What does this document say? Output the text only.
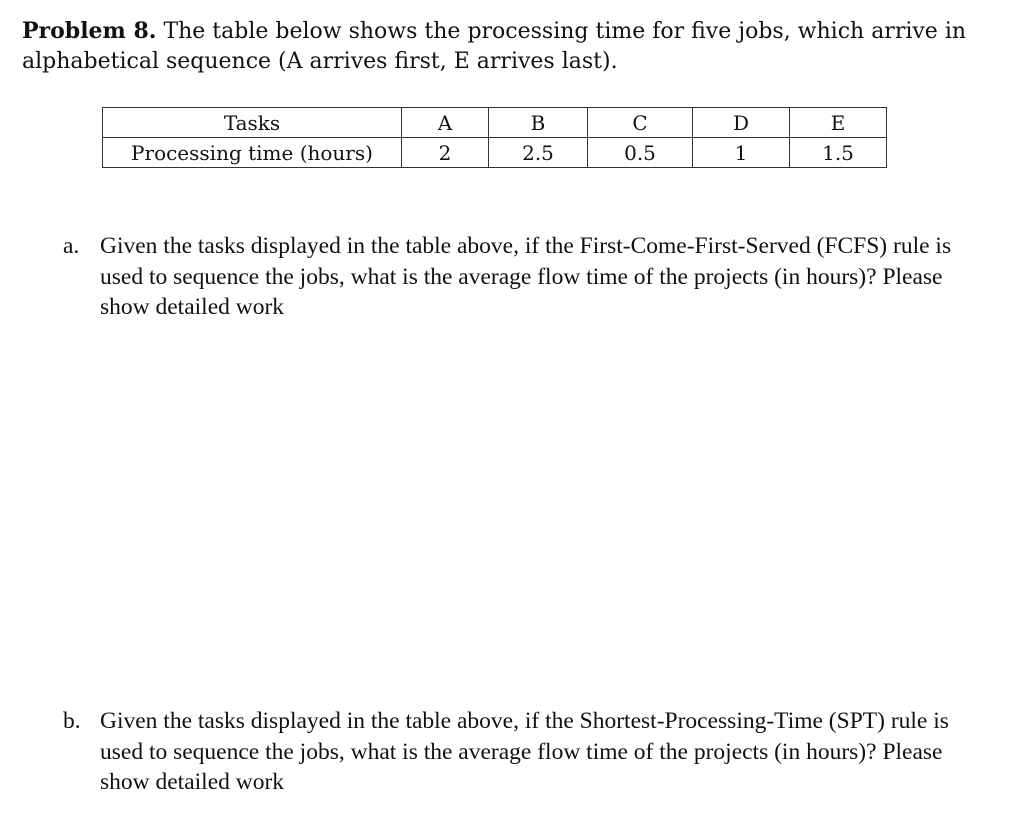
Problem 8. The table below shows the processing time for five jobs, which arrive in alphabetical sequence (A arrives first, E arrives last).

Tasks	A	B	C	D	E
Processing time (hours)	2	2.5	0.5	1	1.5
a. Given the tasks displayed in the table above, if the First-Come-First-Served (FCFS) rule is used to sequence the jobs, what is the average flow time of the projects (in hours)? Please show detailed work
b. Given the tasks displayed in the table above, if the Shortest-Processing-Time (SPT) rule is used to sequence the jobs, what is the average flow time of the projects (in hours)? Please show detailed work
